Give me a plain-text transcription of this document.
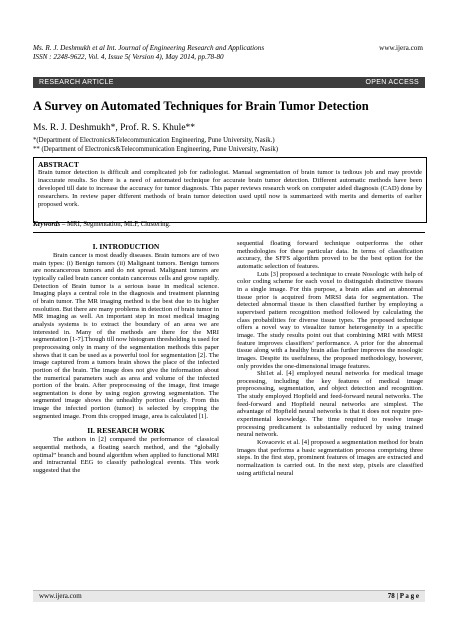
Ms. R. J. Deshmukh et al Int. Journal of Engineering Research and Applications
ISSN : 2248-9622, Vol. 4, Issue 5( Version 4), May 2014, pp.78-80
www.ijera.com
RESEARCH ARTICLE	OPEN ACCESS
A Survey on Automated Techniques for Brain Tumor Detection
Ms. R. J. Deshmukh*, Prof. R. S. Khule**
*(Department of Electronics&Telecommunication Engineering, Pune University, Nasik.)
** (Department of Electronics&Telecommunication Engineering, Pune University, Nasik)
ABSTRACT
Brain tumor detection is difficult and complicated job for radiologist. Manual segmentation of brain tumor is tedious job and may provide inaccurate results. So there is a need of automated technique for accurate brain tumor detection. Different automatic methods have been developed till date to increase the accuracy for tumor diagnosis. This paper reviews research work on computer aided diagnosis (CAD) done by researchers. In review paper different methods of brain tumor detection used uptil now is summarized with merits and demerits of earlier proposed work.
Keywords – MRI, Segmentation, MLP, Clustering.

I. INTRODUCTION

Brain cancer is most deadly diseases. Brain tumors are of two main types: (i) Benign tumors (ii) Malignant tumors. Benign tumors are noncancerous tumors and do not spread. Malignant tumors are typically called brain cancer contain cancerous cells and grow rapidly. Detection of Brain tumor is a serious issue in medical science. Imaging plays a central role in the diagnosis and treatment planning of brain tumor. The MR imaging method is the best due to its higher resolution. But there are many problems in detection of brain tumor in MR imaging as well. An important step in most medical imaging analysis systems is to extract the boundary of an area we are interested in. Many of the methods are there for the MRI segmentation [1-7].Though till now histogram thresholding is used for preprocessing only in many of the segmentation methods this paper shows that it can be used as a powerful tool for segmentation [2]. The image captured from a tumors brain shows the place of the infected portion of the brain. The image does not give the information about the numerical parameters such as area and volume of the infected portion of the brain. After preprocessing of the image, first image segmentation is done by using region growing segmentation. The segmented image shows the unhealthy portion clearly. From this image the infected portion (tumor) is selected by cropping the segmented image. From this cropped image, area is calculated [1].

II. RESEARCH WORK

The authors in [2] compared the performance of classical sequential methods, a floating search method, and the “globally optimal” branch and bound algorithm when applied to functional MRI and intracranial EEG to classify pathological events. This work suggested that the

sequential floating forward technique outperforms the other methodologies for these particular data. In terms of classification accuracy, the SFFS algorithm proved to be the best option for the automatic selection of features.

Luts [3] proposed a technique to create Nosologic with help of color coding scheme for each voxel to distinguish distinctive tissues in a single image. For this purpose, a brain atlas and an abnormal tissue prior is acquired from MRSI data for segmentation. The detected abnormal tissue is then classified further by employing a supervised pattern recognition method followed by calculating the class probabilities for diverse tissue types. The proposed technique offers a novel way to visualize tumor heterogeneity in a specific image. The study results point out that combining MRI with MRSI feature improves classifiers’ performance. A prior for the abnormal tissue along with a healthy brain atlas further improves the nosologic images. Despite its usefulness, the proposed methodology, however, only provides the one-dimensional image features.

Shi1et al. [4] employed neural networks for medical image processing, including the key features of medical image preprocessing, segmentation, and object detection and recognition. The study employed Hopfield and feed-forward neural networks. The feed-forward and Hopfield neural networks are simplest. The advantage of Hopfield neural networks is that it does not require pre-experimental knowledge. The time required to resolve image processing predicament is substantially reduced by using trained neural network.

Kovacevic et al. [4] proposed a segmentation method for brain images that performs a basic segmentation process comprising three steps. In the first step, prominent features of images are extracted and normalization is carried out. In the next step, pixels are classified using artificial neural

www.ijera.com	78 | P a g e
